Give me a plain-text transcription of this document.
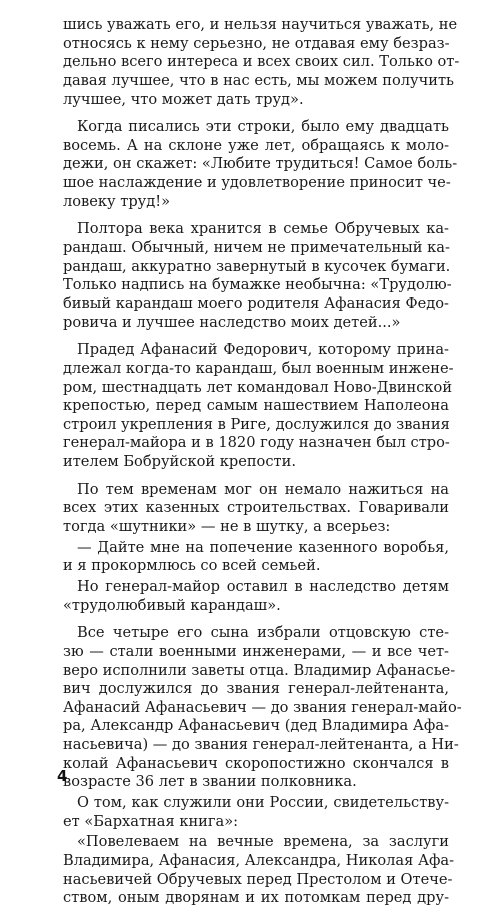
шись уважать его, и нельзя научиться уважать, не
относясь к нему серьезно, не отдавая ему безраз-
дельно всего интереса и всех своих сил. Только от-
давая лучшее, что в нас есть, мы можем получить
лучшее, что может дать труд».
Когда писались эти строки, было ему двадцать
восемь. А на склоне уже лет, обращаясь к моло-
дежи, он скажет: «Любите трудиться! Самое боль-
шое наслаждение и удовлетворение приносит че-
ловеку труд!»
Полтора века хранится в семье Обручевых ка-
рандаш. Обычный, ничем не примечательный ка-
рандаш, аккуратно завернутый в кусочек бумаги.
Только надпись на бумажке необычна: «Трудолю-
бивый карандаш моего родителя Афанасия Федо-
ровича и лучшее наследство моих детей...»
Прадед Афанасий Федорович, которому прина-
длежал когда-то карандаш, был военным инжене-
ром, шестнадцать лет командовал Ново-Двинской
крепостью, перед самым нашествием Наполеона
строил укрепления в Риге, дослужился до звания
генерал-майора и в 1820 году назначен был стро-
ителем Бобруйской крепости.
По тем временам мог он немало нажиться на
всех этих казенных строительствах. Говаривали
тогда «шутники» — не в шутку, а всерьез:
— Дайте мне на попечение казенного воробья,
и я прокормлюсь со всей семьей.
Но генерал-майор оставил в наследство детям
«трудолюбивый карандаш».
Все четыре его сына избрали отцовскую сте-
зю — стали военными инженерами, — и все чет-
веро исполнили заветы отца. Владимир Афанасье-
вич дослужился до звания генерал-лейтенанта,
Афанасий Афанасьевич — до звания генерал-майо-
ра, Александр Афанасьевич (дед Владимира Афа-
насьевича) — до звания генерал-лейтенанта, а Ни-
колай Афанасьевич скоропостижно скончался в
возрасте 36 лет в звании полковника.
О том, как служили они России, свидетельству-
ет «Бархатная книга»:
«Повелеваем на вечные времена, за заслуги
Владимира, Афанасия, Александра, Николая Афа-
насьевичей Обручевых перед Престолом и Отече-
ством, оным дворянам и их потомкам перед дру-
4
